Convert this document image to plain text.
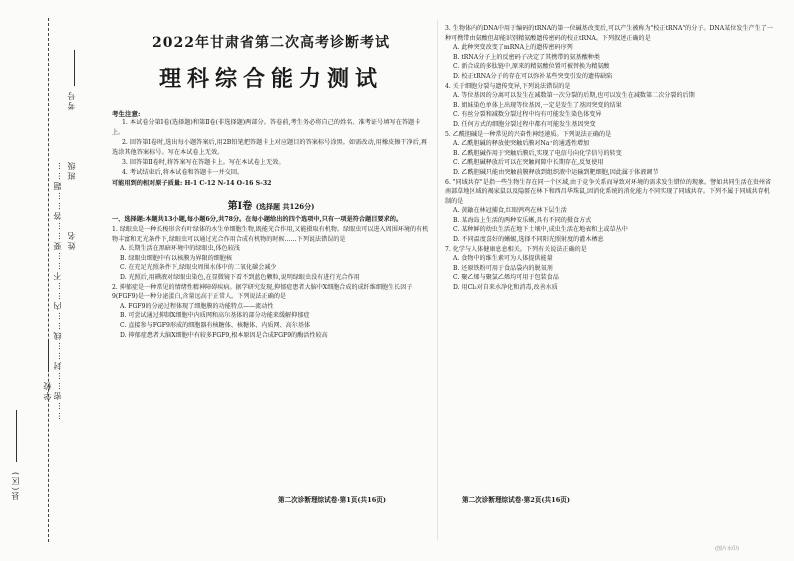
……密……封……线……内……不……要……答……题……
县(区)
学校
姓名
班级
考号
2022年甘肃省第二次高考诊断考试
理科综合能力测试
考生注意:
1. 本试卷分第Ⅰ卷(选择题)和第Ⅱ卷(非选择题)两部分。答卷前,考生务必将自己的姓名、准考证号填写在答题卡上。
2. 回答第Ⅰ卷时,选出每小题答案后,用2B铅笔把答题卡上对应题目的答案标号涂黑。如需改动,用橡皮擦干净后,再选涂其他答案标号。写在本试卷上无效。
3. 回答第Ⅱ卷时,将答案写在答题卡上。写在本试卷上无效。
4. 考试结束后,将本试卷和答题卡一并交回。
可能用到的相对原子质量: H-1 C-12 N-14 O-16 S-32
第Ⅰ卷 (选择题 共126分)
一、选择题:本题共13小题,每小题6分,共78分。在每小题给出的四个选项中,只有一项是符合题目要求的。
1. 绿眼虫是一种长梭形含有叶绿体的水生单细胞生物,既能光合作用,又能摄取有机物。绿眼虫可以进入周围环境的有机物丰富和无光条件下,绿眼虫可以通过光合作用合成有机物的时候……下列说法错误的是
A. 长期生活在黑暗环境中的绿眼虫,体色较浅
B. 绿眼虫细胞中有以核膜为界限的细胞核
C. 在充足光照条件下,绿眼虫周围水体中的二氧化碳会减少
D. 光照后,用碘液对绿眼虫染色,在显微镜下看不到蓝色颗粒,说明绿眼虫没有进行光合作用
2. 抑郁症是一种常见的情绪性精神障碍疾病。据学研究发现,抑郁症患者大脑中X细胞合成的成纤维细胞生长因子9(FGF9)是一种分泌蛋白,含量远高于正常人。下列说法正确的是
A. FGF9的分泌过程体现了细胞膜的功能特点——流动性
B. 可尝试通过抑制X细胞中内质网和高尔基体的部分功能来缓解抑郁症
C. 直接参与FGF9形成的细胞器有核糖体、核糖体、内质网、高尔基体
D. 抑郁症患者大脑X细胞中有较多FGF9,根本原因是合成FGF9的酶活性较高
3. 生物体内的DNA中用于编码的tRNA的第一位碱基改变后,可以产生被称为"校正tRNA"的分子。DNA某位发生产生了一种可携带由氨酸但却能识别精氨酸遗传密码的校正tRNA。下列叙述正确的是
A. 此种突变改变了mRNA上的遗传密码序列
B. tRNA分子上的反密码子决定了其携带的氨基酸种类
C. 新合成的多肽链中,原来的精氨酸位置可被替换为精氨酸
D. 校正tRNA分子的存在可以弥补某些突变引发的遗传缺陷
4. 关于细胞分裂与遗传变异,下列说法错误的是
A. 等位基因的分离可以发生在减数第一次分裂的后期,也可以发生在减数第二次分裂的后期
B. 姐妹染色单体上出现等位基因,一定是发生了基因突变的结果
C. 有丝分裂和减数分裂过程中均有可能发生染色体变异
D. 任何方式的细胞分裂过程中都有可能发生基因突变
5. 乙酰胆碱是一种常见的兴奋性神经递质。下列说法正确的是
A. 乙酰胆碱的释放使突触后膜对Na⁺的通透性增加
B. 乙酰胆碱作用于突触后膜后,实现了电信号向化学信号的转变
C. 乙酰胆碱释放后可以在突触间隙中长期存在,反复使用
D. 乙酰胆碱只能由突触前膜释放到组织液中运输到靶细胞,因此属于体液调节
6. "同域共存"是指一些生物生存在同一个区域,由于竞争关系而导致对环境的需求发生错位的现象。譬如共同生活在贵州省南部草地区域的褐家鼠以及隐匿在林下和西昌华珠鼠,因消化系统的消化能力不同实现了同域共存。下列不属于同域共存机制的是
A. 黄鼬在林冠捕食,红眼鹑鸡在林下层生活
B. 某海岛上生活的两种安乐蜥,具有不同的摄食方式
C. 某种鲜的幼虫生活在地下土壤中,成虫生活在地表和上或草丛中
D. 不同温度喜好的蜥蜴,选择不同阳光照射度的灌木栖息
7. 化学与人体健康息息相关。下列有关说法正确的是
A. 食物中的维生素可为人体提供能量
B. 还原铁粉可用于食品袋内的脱氧剂
C. 聚乙烯与聚氯乙烯均可用于包装食品
D. 用Cl₂对自来水净化和消毒,改善水质
第二次诊断理综试卷·第1页(共16页)	第二次诊断理综试卷·第2页(共16页)
(图片水印)
